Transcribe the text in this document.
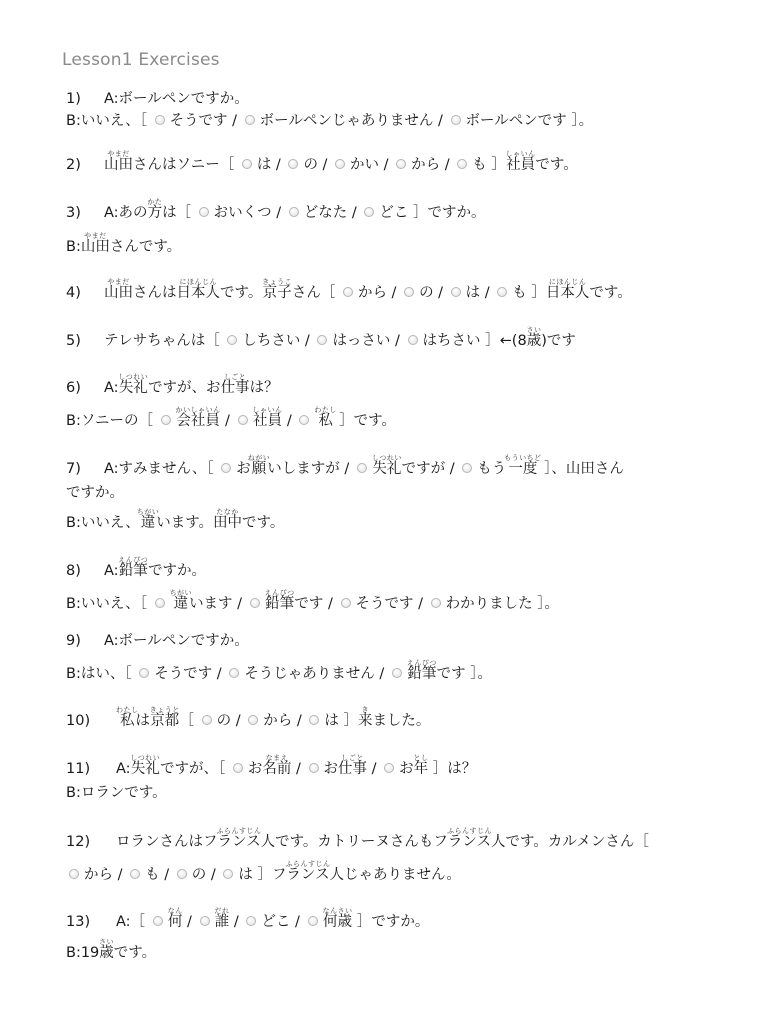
Lesson1 Exercises
1) A:ボールペンですか。
B:いいえ、［ そうです / ボールペンじゃありません / ボールペンです ］。
2) 山田やまださんはソニー［ は / の / かい / から / も ］社員しゃいんです。
3) A:あの方かたは［ おいくつ / どなた / どこ ］ですか。
B:山田やまださんです。
4) 山田やまださんは日本人にほんじんです。京子きょうこさん［ から / の / は / も ］日本人にほんじんです。
5) テレサちゃんは［ しちさい / はっさい / はちさい ］←(8歳さい)です
6) A:失礼しつれいですが、お仕事しごとは？
B:ソニーの［ 会社員かいしゃいん / 社員しゃいん / 私わたし ］です。
7) A:すみません、［ お願ねがいいしますが / 失礼しつれいですが / もう一度もういちど ］、山田さん
ですか。
B:いいえ、違ちがいいます。田中たなかです。
8) A:鉛筆えんぴつですか。
B:いいえ、［ 違ちがいいます / 鉛筆えんぴつです / そうです / わかりました ］。
9) A:ボールペンですか。
B:はい、［ そうです / そうじゃありません / 鉛筆えんぴつです ］。
10) 私わたしは京都きょうと［ の / から / は ］来きました。
11) A:失礼しつれいですが、［ お名前なまえ / お仕事しごと / お年とし ］は？
B:ロランです。
12) ロランさんはフランス人ふらんすじんです。カトリーヌさんもフランス人ふらんすじんです。カルメンさん［
から / も / の / は ］フランス人ふらんすじんじゃありません。
13) A:［ 何なん / 誰だれ / どこ / 何歳なんさい ］ですか。
B:19歳さいです。
